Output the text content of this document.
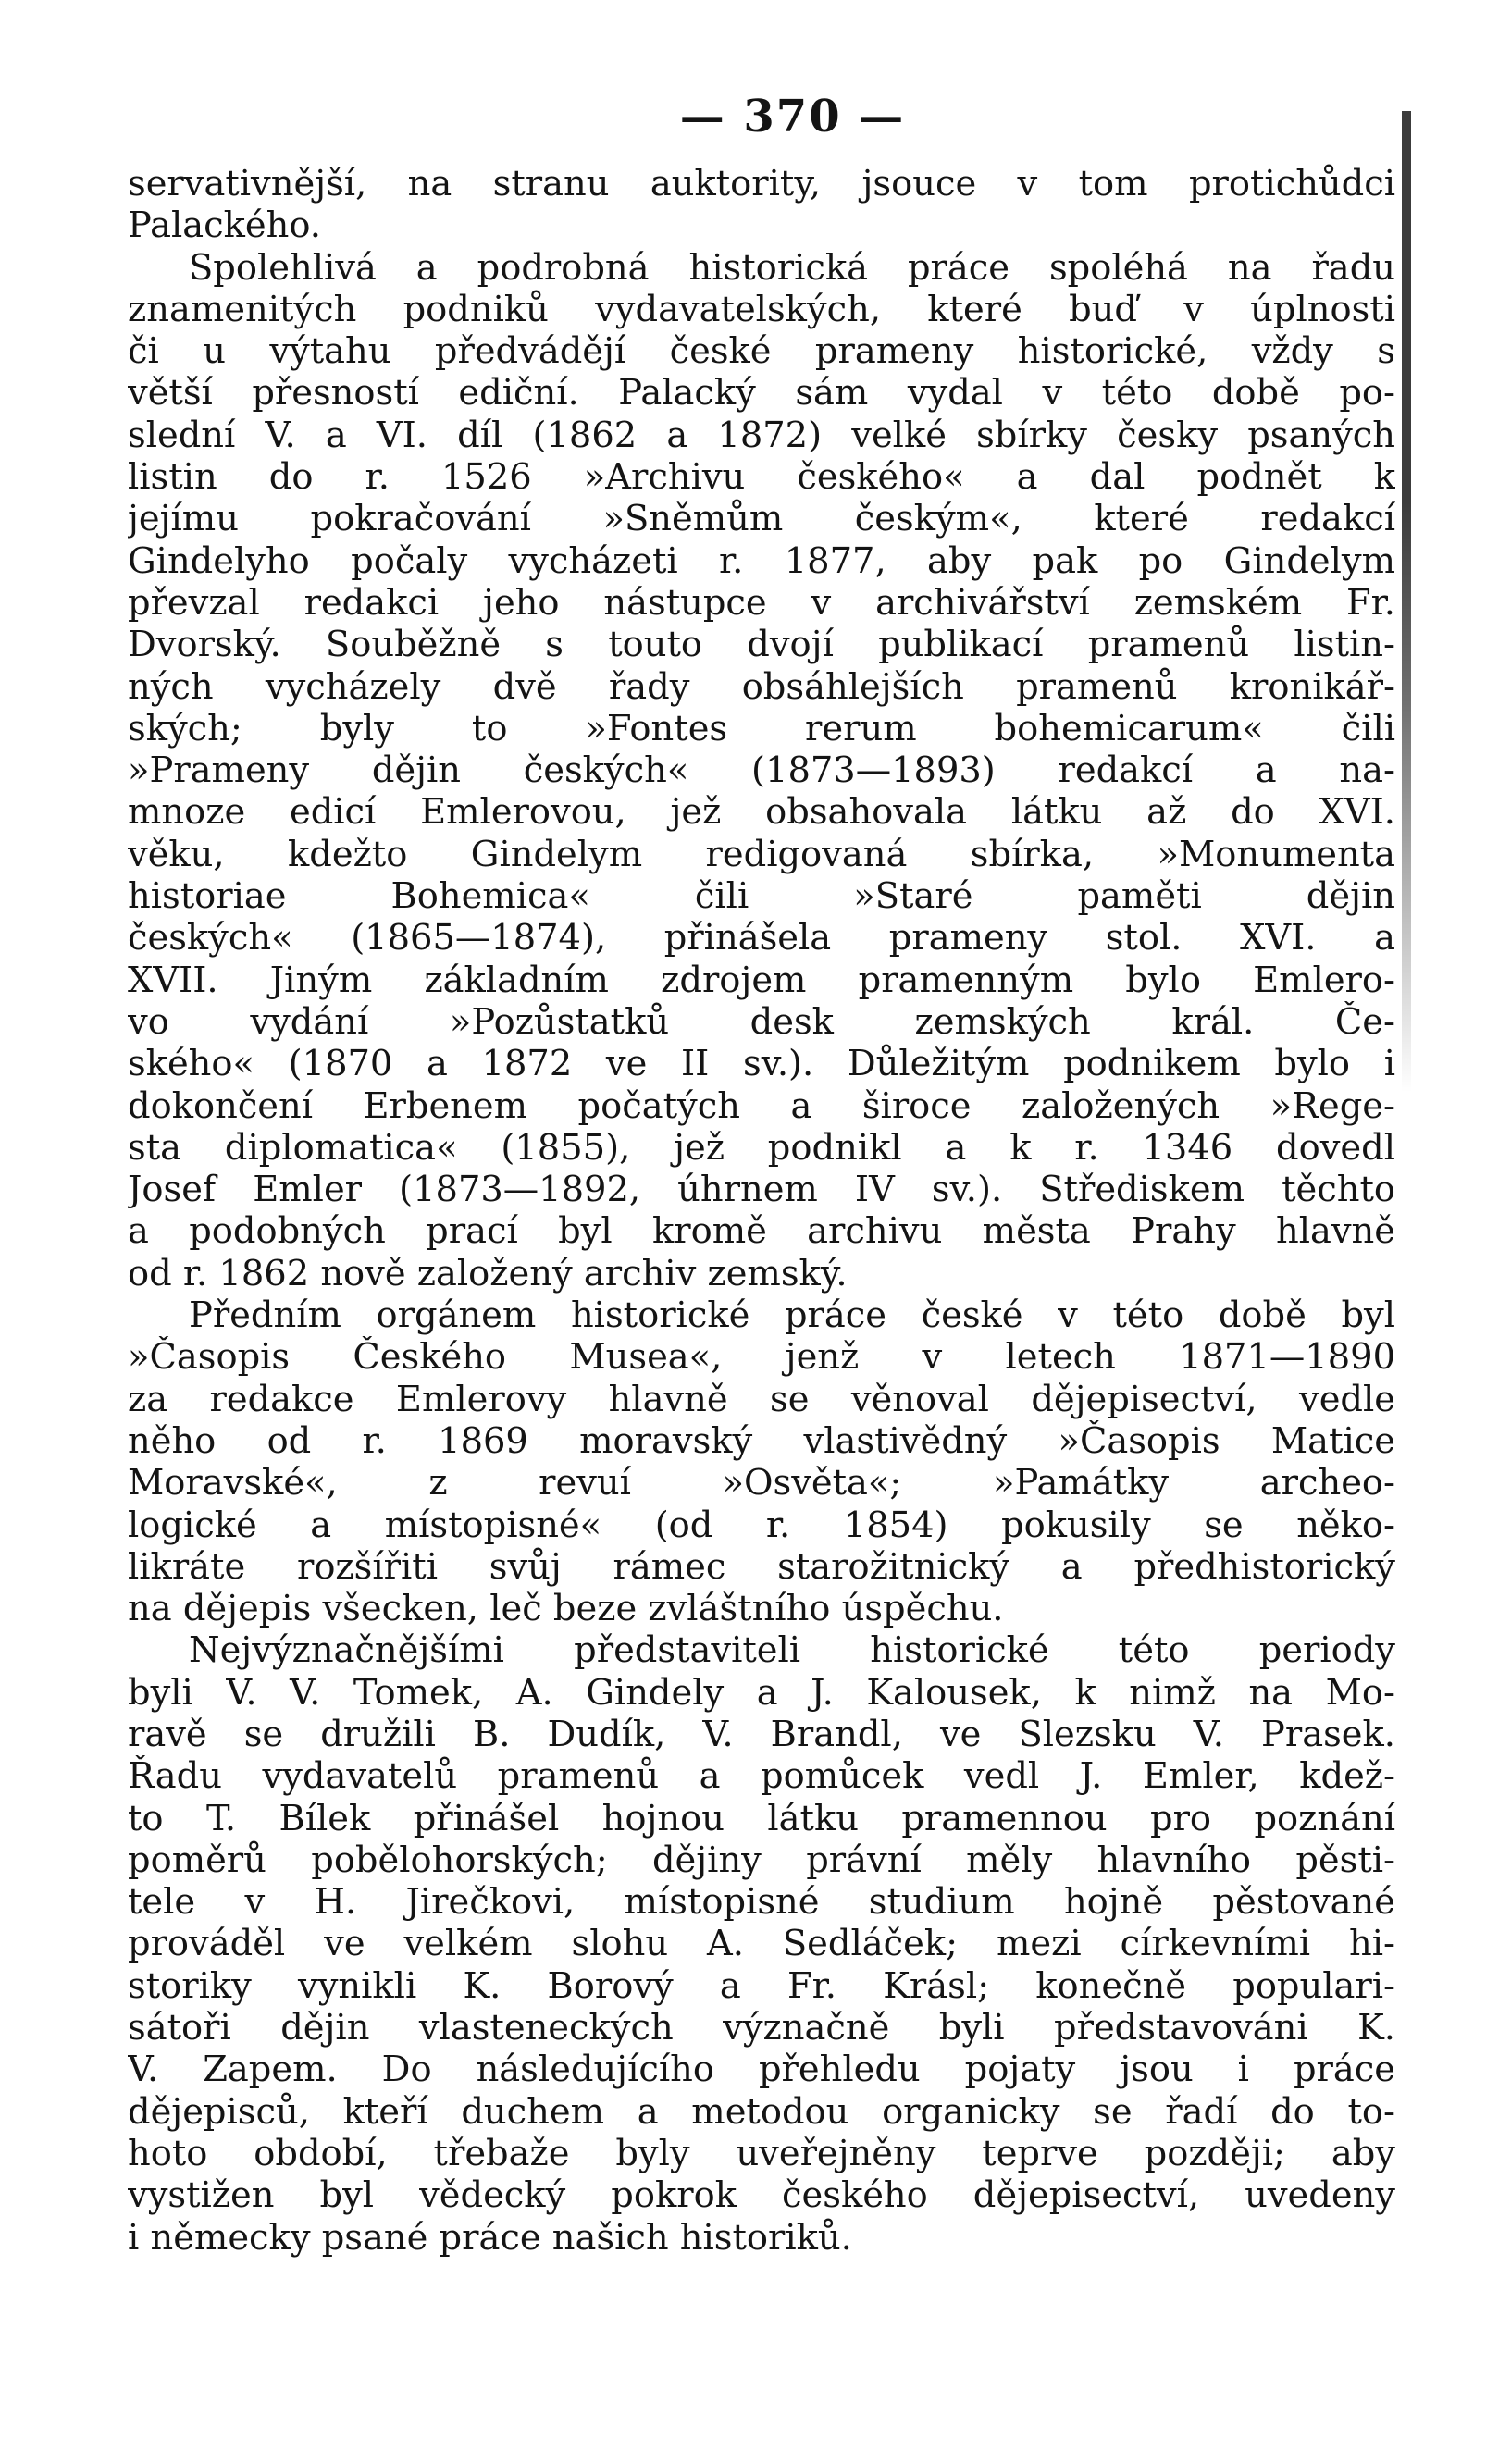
— 370 —
servativnější, na stranu auktority, jsouce v tom protichůdci
Palackého.
Spolehlivá a podrobná historická práce spoléhá na řadu
znamenitých podniků vydavatelských, které buď v úplnosti
či u výtahu předvádějí české prameny historické, vždy s
větší přesností ediční. Palacký sám vydal v této době po-
slední V. a VI. díl (1862 a 1872) velké sbírky česky psaných
listin do r. 1526 »Archivu českého« a dal podnět k
jejímu pokračování »Sněmům českým«, které redakcí
Gindelyho počaly vycházeti r. 1877, aby pak po Gindelym
převzal redakci jeho nástupce v archivářství zemském Fr.
Dvorský. Souběžně s touto dvojí publikací pramenů listin-
ných vycházely dvě řady obsáhlejších pramenů kronikář-
ských; byly to »Fontes rerum bohemicarum« čili
»Prameny dějin českých« (1873—1893) redakcí a na-
mnoze edicí Emlerovou, jež obsahovala látku až do XVI.
věku, kdežto Gindelym redigovaná sbírka, »Monumenta
historiae Bohemica« čili »Staré paměti dějin
českých« (1865—1874), přinášela prameny stol. XVI. a
XVII. Jiným základním zdrojem pramenným bylo Emlero-
vo vydání »Pozůstatků desk zemských král. Če-
ského« (1870 a 1872 ve II sv.). Důležitým podnikem bylo i
dokončení Erbenem počatých a široce založených »Rege-
sta diplomatica« (1855), jež podnikl a k r. 1346 dovedl
Josef Emler (1873—1892, úhrnem IV sv.). Střediskem těchto
a podobných prací byl kromě archivu města Prahy hlavně
od r. 1862 nově založený archiv zemský.
Předním orgánem historické práce české v této době byl
»Časopis Českého Musea«, jenž v letech 1871—1890
za redakce Emlerovy hlavně se věnoval dějepisectví, vedle
něho od r. 1869 moravský vlastivědný »Časopis Matice
Moravské«, z revuí »Osvěta«; »Památky archeo-
logické a místopisné« (od r. 1854) pokusily se něko-
likráte rozšířiti svůj rámec starožitnický a předhistorický
na dějepis všecken, leč beze zvláštního úspěchu.
Nejvýznačnějšími představiteli historické této periody
byli V. V. Tomek, A. Gindely a J. Kalousek, k nimž na Mo-
ravě se družili B. Dudík, V. Brandl, ve Slezsku V. Prasek.
Řadu vydavatelů pramenů a pomůcek vedl J. Emler, kdež-
to T. Bílek přinášel hojnou látku pramennou pro poznání
poměrů pobělohorských; dějiny právní měly hlavního pěsti-
tele v H. Jirečkovi, místopisné studium hojně pěstované
prováděl ve velkém slohu A. Sedláček; mezi církevními hi-
storiky vynikli K. Borový a Fr. Krásl; konečně populari-
sátoři dějin vlasteneckých význačně byli představováni K.
V. Zapem. Do následujícího přehledu pojaty jsou i práce
dějepisců, kteří duchem a metodou organicky se řadí do to-
hoto období, třebaže byly uveřejněny teprve později; aby
vystižen byl vědecký pokrok českého dějepisectví, uvedeny
i německy psané práce našich historiků.
